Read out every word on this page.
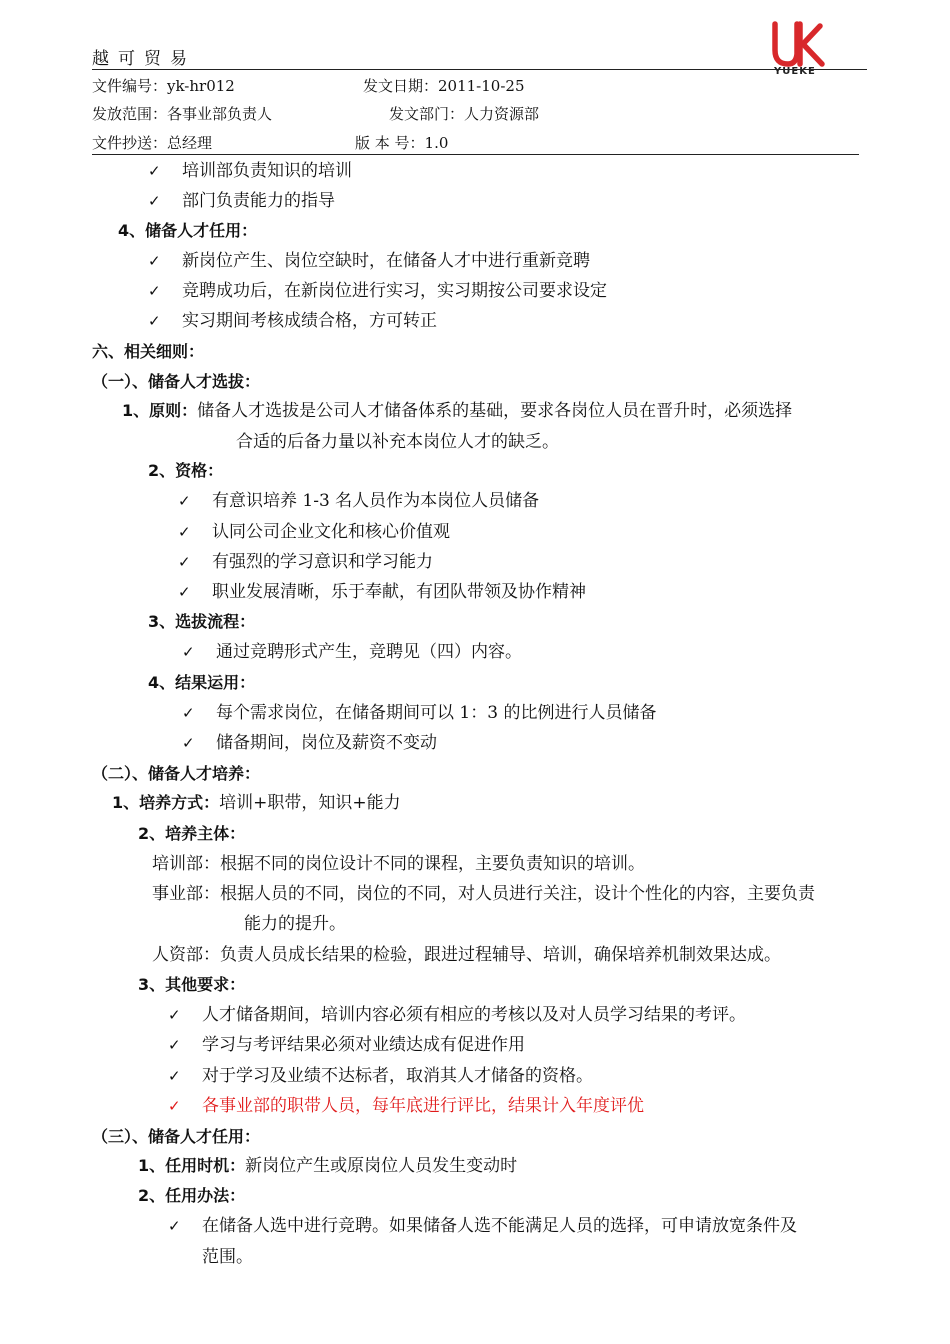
越可贸易
YUEKE
文件编号：yk-hr012	发文日期：2011-10-25
发放范围：各事业部负责人	发文部门：人力资源部
文件抄送：总经理	版 本 号：1.0
✓ 培训部负责知识的培训
✓ 部门负责能力的指导
4、储备人才任用：
✓ 新岗位产生、岗位空缺时，在储备人才中进行重新竞聘
✓ 竞聘成功后，在新岗位进行实习，实习期按公司要求设定
✓ 实习期间考核成绩合格，方可转正
六、相关细则：
（一）、储备人才选拔：
1、原则：储备人才选拔是公司人才储备体系的基础，要求各岗位人员在晋升时，必须选择
合适的后备力量以补充本岗位人才的缺乏。
2、资格：
✓ 有意识培养 1-3 名人员作为本岗位人员储备
✓ 认同公司企业文化和核心价值观
✓ 有强烈的学习意识和学习能力
✓ 职业发展清晰，乐于奉献，有团队带领及协作精神
3、选拔流程：
✓ 通过竞聘形式产生，竞聘见（四）内容。
4、结果运用：
✓ 每个需求岗位，在储备期间可以 1：3 的比例进行人员储备
✓ 储备期间，岗位及薪资不变动
（二）、储备人才培养：
1、培养方式：培训+职带，知识+能力
2、培养主体：
培训部：根据不同的岗位设计不同的课程，主要负责知识的培训。
事业部：根据人员的不同，岗位的不同，对人员进行关注，设计个性化的内容，主要负责
能力的提升。
人资部：负责人员成长结果的检验，跟进过程辅导、培训，确保培养机制效果达成。
3、其他要求：
✓ 人才储备期间，培训内容必须有相应的考核以及对人员学习结果的考评。
✓ 学习与考评结果必须对业绩达成有促进作用
✓ 对于学习及业绩不达标者，取消其人才储备的资格。
✓ 各事业部的职带人员，每年底进行评比，结果计入年度评优
（三）、储备人才任用：
1、任用时机：新岗位产生或原岗位人员发生变动时
2、任用办法：
✓ 在储备人选中进行竞聘。如果储备人选不能满足人员的选择，可申请放宽条件及
范围。
